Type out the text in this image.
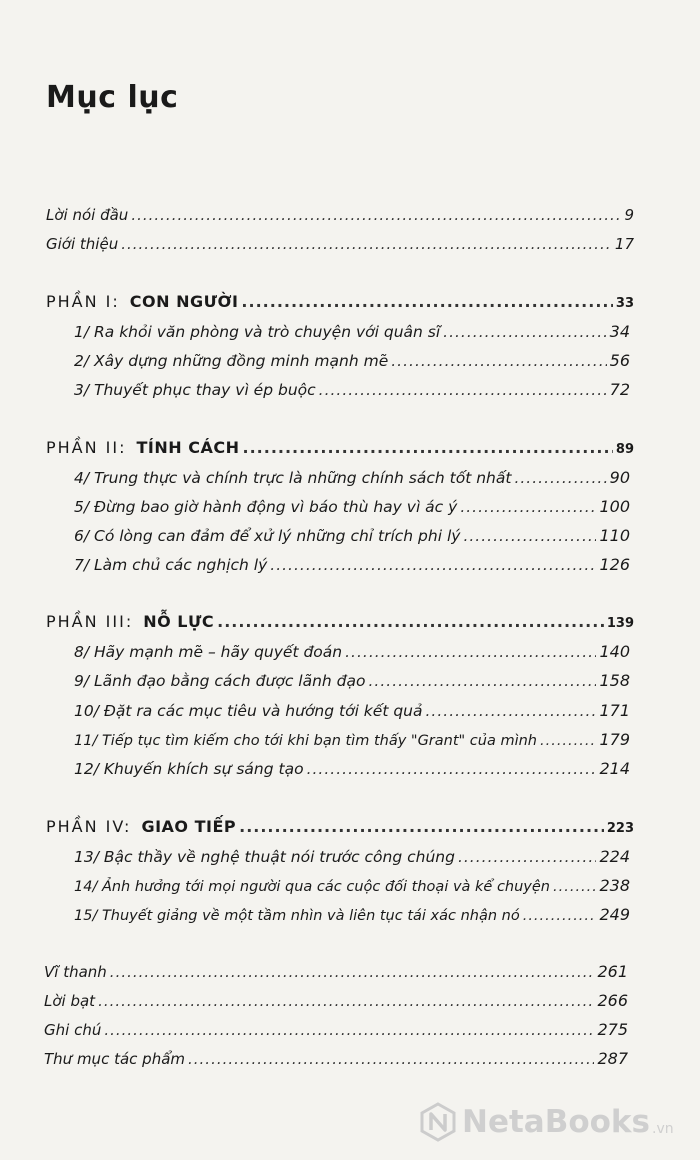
Mục lục
Lời nói đầu .....	9
Giới thiệu .....	17
PHẦN I: CON NGƯỜI .....	33
1/ Ra khỏi văn phòng và trò chuyện với quân sĩ .....	34
2/ Xây dựng những đồng minh mạnh mẽ .....	56
3/ Thuyết phục thay vì ép buộc .....	72
PHẦN II: TÍNH CÁCH .....	89
4/ Trung thực và chính trực là những chính sách tốt nhất .....	90
5/ Đừng bao giờ hành động vì báo thù hay vì ác ý .....	100
6/ Có lòng can đảm để xử lý những chỉ trích phi lý .....	110
7/ Làm chủ các nghịch lý .....	126
PHẦN III: NỖ LỰC .....	139
8/ Hãy mạnh mẽ – hãy quyết đoán .....	140
9/ Lãnh đạo bằng cách được lãnh đạo .....	158
10/ Đặt ra các mục tiêu và hướng tới kết quả .....	171
11/ Tiếp tục tìm kiếm cho tới khi bạn tìm thấy "Grant" của mình .....	179
12/ Khuyến khích sự sáng tạo .....	214
PHẦN IV: GIAO TIẾP .....	223
13/ Bậc thầy về nghệ thuật nói trước công chúng .....	224
14/ Ảnh hưởng tới mọi người qua các cuộc đối thoại và kể chuyện .....	238
15/ Thuyết giảng về một tầm nhìn và liên tục tái xác nhận nó .....	249
Vĩ thanh .....	261
Lời bạt .....	266
Ghi chú .....	275
Thư mục tác phẩm .....	287
NetaBooks .vn
